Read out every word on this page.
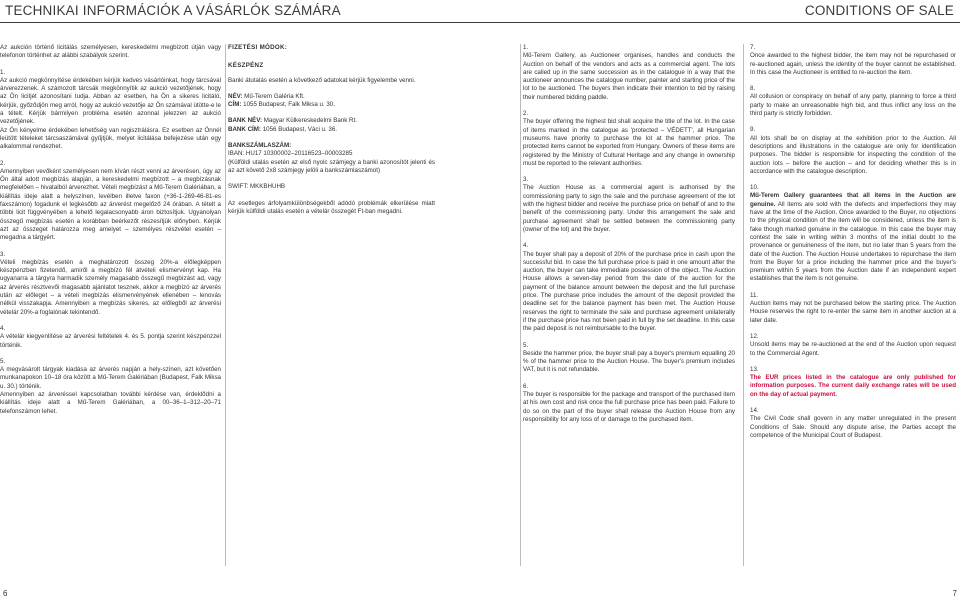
TECHNIKAI INFORMÁCIÓK A VÁSÁRLÓK SZÁMÁRA	CONDITIONS OF SALE

Az aukción történő licitálás személyesen, kereskedelmi megbízott útján vagy telefonon történhet az alábbi szabályok szerint.

1.

Az aukció megkönnyítése érdekében kérjük kedves vásárlóinkat, hogy tárcsával árverezzenek. A számozott tárcsák megkönnyítik az aukció vezetőjének, hogy az Ön licitjét azonosítani tudja. Abban az esetben, ha Ön a sikeres licitáló, kérjük, győződjön meg arról, hogy az aukció vezetője az Ön számával ütötte-e le a tételt. Kérjük bármilyen probléma esetén azonnal jelezzen az aukció vezetőjének.

Az Ön kényelme érdekében lehetőség van regisztrálásra. Ez esetben az Önnél leütött tételeket tárcsaszámával gyűjtjük, melyet licitálása befejezése után egy alkalommal rendezhet.

2.

Amennyiben vevőként személyesen nem kíván részt venni az árverésen, úgy az Ön által adott megbízás alapján, a kereskedelmi megbízott – a megbízásnak megfelelően – hivatalból árverezhet. Vételi megbízást a Mű-Terem Galériában, a kiállítás ideje alatt a helyszínen, levélben illetve faxon (+36-1-269-46-81-es faxszámon) fogadunk el legkésőbb az árverést megelőző 24 órában. A tételt a többi licit függvényében a lehető legalacsonyabb áron biztosítjuk. Ugyanolyan összegű megbízás esetén a korábban beérkezőt részesítjük előnyben. Kérjük azt az összeget határozza meg amelyet – személyes részvétel esetén – megadna a tárgyért.

3.

Vételi megbízás esetén a meghatározott összeg 20%-a előlegképpen készpénzben fizetendő, amiről a megbízó fél átvételi elismervényt kap. Ha ugyanarra a tárgyra harmadik személy magasabb összegű megbízást ad, vagy az árverés résztvevői magasabb ajánlatot tesznek, akkor a megbízó az árverés után az előleget – a vételi megbízás elismervényének ellenében – lenovás nélkül visszakapja. Amennyiben a megbízás sikeres, az előlegből az árverési vételár 20%-a foglalónak tekintendő.

4.

A vételár kiegyenlítése az árverési feltételek 4. és 5. pontja szerint készpénzzel történik.

5.

A megvásárolt tárgyak kiadása az árverés napján a hely-színen, azt követően munkanapokon 10–18 óra között a Mű-Terem Galériában (Budapest, Falk Miksa u. 30.) történik.

Amennyiben az árveréssel kapcsolatban további kérdése van, érdeklődni a kiállítás ideje alatt a Mű-Terem Galériában, a 00–36–1–312–20–71 telefonszámon lehet.

FIZETÉSI MÓDOK:

KÉSZPÉNZ

Banki átutalás esetén a következő adatokat kérjük figyelembe venni.

NÉV: Mű-Terem Galéria Kft.

CÍM: 1055 Budapest, Falk Miksa u. 30.

BANK NÉV: Magyar Külkereskedelmi Bank Rt.

BANK CÍM: 1056 Budapest, Váci u. 36.

BANKSZÁMLASZÁM:

IBAN: HU17 10300002–20116523–00003285

(Külföldi utalás esetén az első nyolc számjegy a banki azonosítót jelenti és az azt követő 2x8 számjegy jelöli a bankszámlaszámot)

SWIFT: MKKBHUHB

Az esetleges árfolyamkülönbségekből adódó problémák elkerülése miatt kérjük külföldi utalás esetén a vételár összegét Ft-ban megadni.

1.

Mű-Terem Gallery, as Auctioneer organises, handles and conducts the Auction on behalf of the vendors and acts as a commercial agent. The lots are called up in the same succession as in the catalogue in a way that the auctioneer announces the catalogue number, painter and starting price of the lot to be auctioned. The buyers then indicate their intention to bid by raising their numbered bidding paddle.

2.

The buyer offering the highest bid shall acquire the title of the lot. In the case of items marked in the catalogue as 'protected – VÉDETT', all Hungarian museums have priority to purchase the lot at the hammer price. The protected items cannot be exported from Hungary. Owners of these items are registered by the Ministry of Cultural Heritage and any change in ownership must be reported to the relevant authorities.

3.

The Auction House as a commercial agent is authorised by the commissioning party to sign the sale and the purchase agreement of the lot with the highest bidder and receive the purchase price on behalf of and to the benefit of the commissioning party. Under this arrangement the sale and purchase agreement shall be settled between the commissioning party (owner of the lot) and the buyer.

4.

The buyer shall pay a deposit of 20% of the purchase price in cash upon the successful bid. In case the full purchase price is paid in one amount after the auction, the buyer can take immediate possession of the object. The Auction House allows a seven-day period from the date of the auction for the payment of the balance amount between the deposit and the full purchase price. The purchase price includes the amount of the deposit provided the deadline set for the balance payment has been met. The Auction House reserves the right to terminate the sale and purchase agreement unilaterally if the purchase price has not been paid in full by the set deadline. In this case the paid deposit is not reimbursable to the buyer.

5.

Beside the hammer price, the buyer shall pay a buyer's premium equalling 20 % of the hammer price to the Auction House. The buyer's premium includes VAT, but it is not refundable.

6.

The buyer is responsible for the package and transport of the purchased item at his own cost and risk once the full purchase price has been paid. Failure to do so on the part of the buyer shall release the Auction House from any responsibility for any loss of or damage to the purchased item.

7.

Once awarded to the highest bidder, the item may not be repurchased or re-auctioned again, unless the identity of the buyer cannot be established. In this case the Auctioneer is entitled to re-auction the item.

8.

All collusion or conspiracy on behalf of any party, planning to force a third party to make an unreasonable high bid, and thus inflict any loss on the third party is strictly forbidden.

9.

All lots shall be on display at the exhibition prior to the Auction. All descriptions and illustrations in the catalogue are only for identification purposes. The bidder is responsible for inspecting the condition of the auction lots – before the auction – and for deciding whether this is in accordance with the catalogue description.

10.

Mű-Terem Gallery guarantees that all items in the Auction are genuine. All items are sold with the defects and imperfections they may have at the time of the Auction. Once awarded to the Buyer, no objections to the physical condition of the item will be considered, unless the item is fake though marked genuine in the catalogue. In this case the buyer may contest the sale in writing within 3 months of the initial doubt to the provenance or genuineness of the item, but no later than 5 years from the date of the Auction. The Auction House undertakes to repurchase the item from the Buyer for a price including the hammer price and the buyer's premium within 5 years from the Auction date if an independent expert establishes that the item is not genuine.

11.

Auction items may not be purchased below the starting price. The Auction House reserves the right to re-enter the same item in another auction at a later date.

12.

Unsold items may be re-auctioned at the end of the Auction upon request to the Commercial Agent.

13.

The EUR prices listed in the catalogue are only published for information purposes. The current daily exchange rates will be used on the day of actual payment.

14.

The Civil Code shall govern in any matter unregulated in the present Conditions of Sale. Should any dispute arise, the Parties accept the competence of the Municipal Court of Budapest.

6	7
